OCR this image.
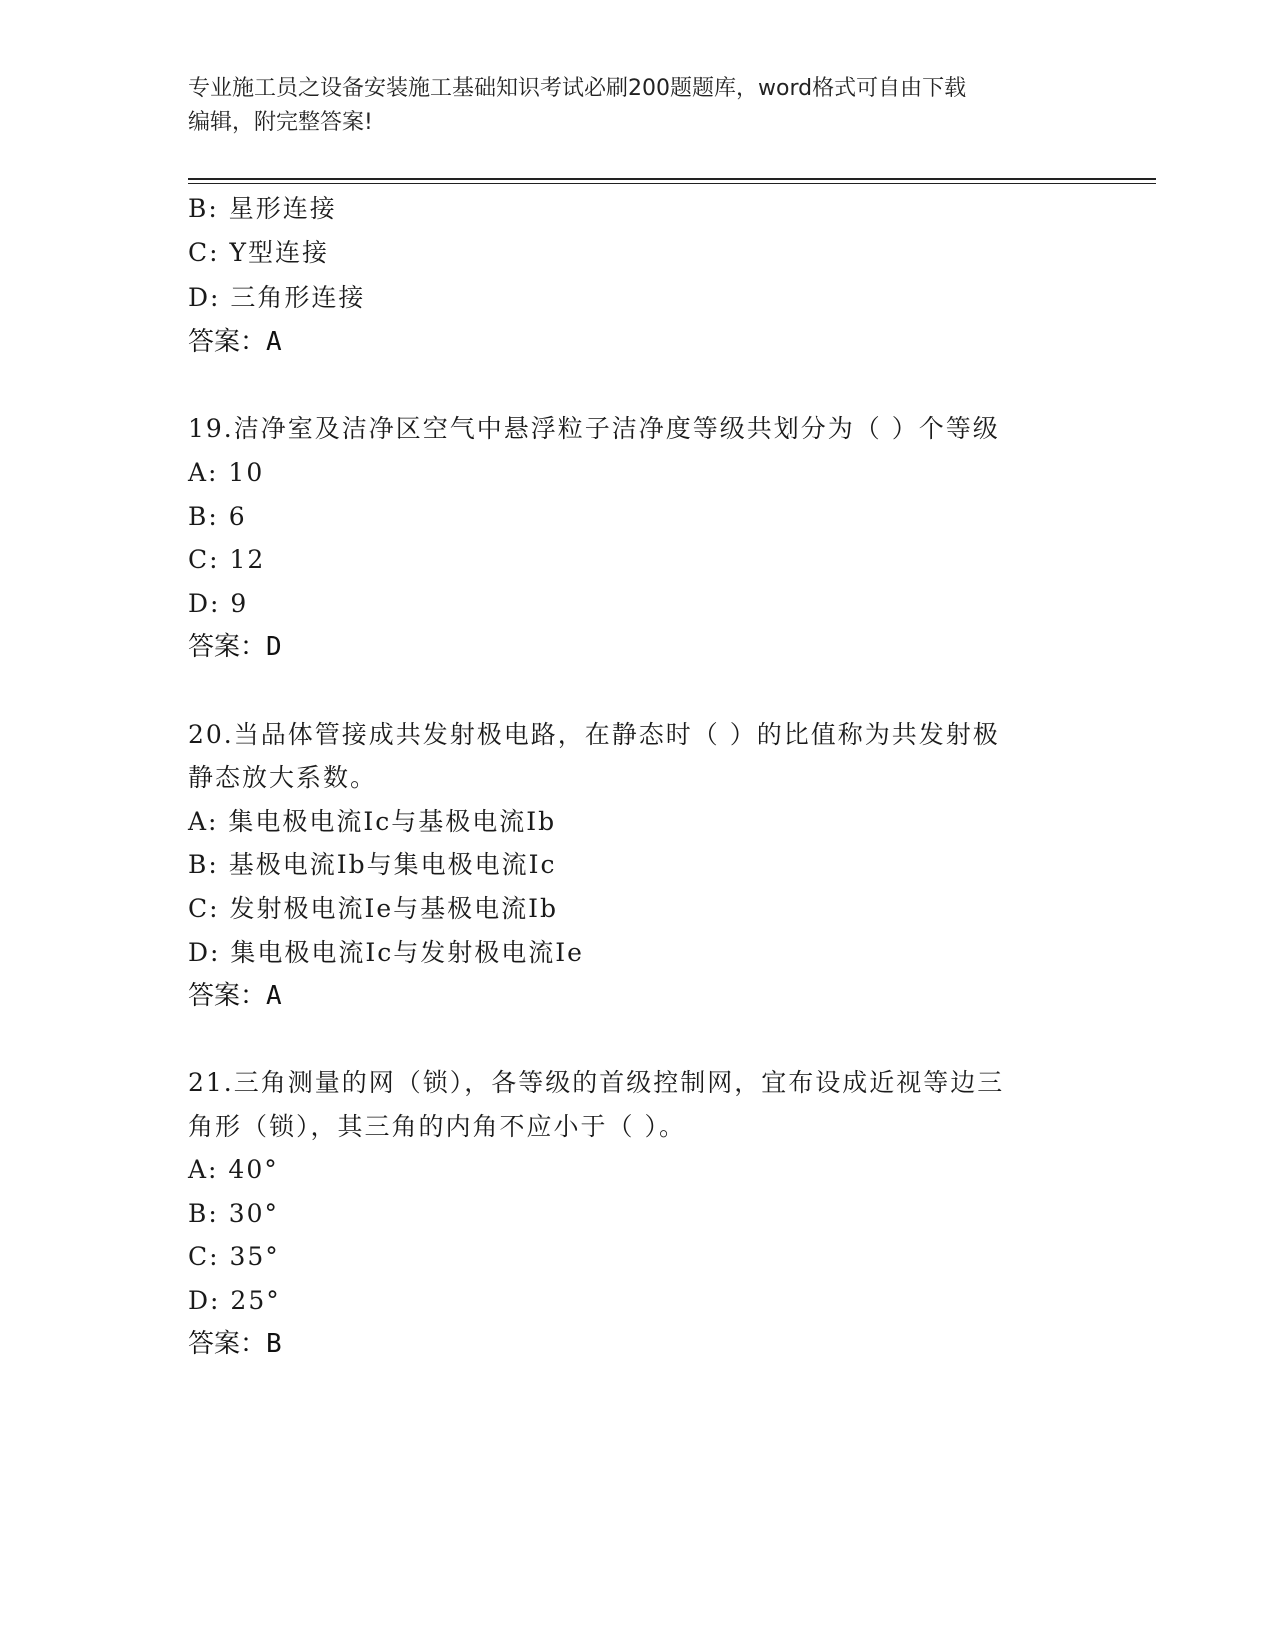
专业施工员之设备安装施工基础知识考试必刷200题题库，word格式可自由下载
编辑，附完整答案!
B: 星形连接
C: Y型连接
D: 三角形连接
答案：A
19.洁净室及洁净区空气中悬浮粒子洁净度等级共划分为（ ）个等级
A: 10
B: 6
C: 12
D: 9
答案：D
20.当品体管接成共发射极电路，在静态时（ ）的比值称为共发射极
静态放大系数。
A: 集电极电流Ic与基极电流Ib
B: 基极电流Ib与集电极电流Ic
C: 发射极电流Ie与基极电流Ib
D: 集电极电流Ic与发射极电流Ie
答案：A
21.三角测量的网（锁），各等级的首级控制网，宜布设成近视等边三
角形（锁），其三角的内角不应小于（ ）。
A: 40°
B: 30°
C: 35°
D: 25°
答案：B
